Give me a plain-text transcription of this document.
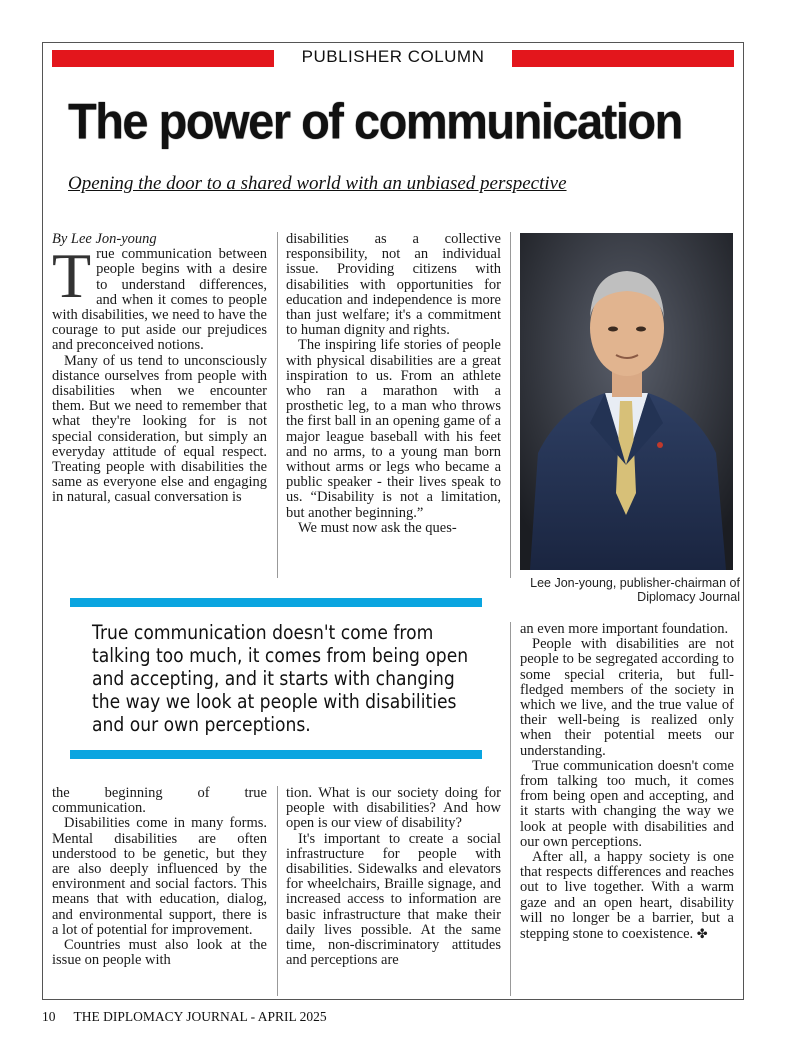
PUBLISHER COLUMN
The power of communication

Opening the door to a shared world with an unbiased perspective

By Lee Jon-young

True communication between people begins with a desire to understand differences, and when it comes to people with disabilities, we need to have the courage to put aside our prejudices and preconceived notions.

Many of us tend to unconsciously distance ourselves from people with disabilities when we encounter them. But we need to remember that what they're looking for is not special consideration, but simply an everyday attitude of equal respect. Treating people with disabilities the same as everyone else and engaging in natural, casual conversation is

disabilities as a collective responsibility, not an individual issue. Providing citizens with disabilities with opportunities for education and independence is more than just welfare; it's a commitment to human dignity and rights.

The inspiring life stories of people with physical disabilities are a great inspiration to us. From an athlete who ran a marathon with a prosthetic leg, to a man who throws the first ball in an opening game of a major league baseball with his feet and no arms, to a young man born without arms or legs who became a public speaker - their lives speak to us. “Disability is not a limitation, but another beginning.”

We must now ask the ques-

Lee Jon-young, publisher-chairman of Diplomacy Journal

True communication doesn't come from talking too much, it comes from being open and accepting, and it starts with changing the way we look at people with disabilities and our own perceptions.

an even more important foundation.

People with disabilities are not people to be segregated according to some special criteria, but full-fledged members of the society in which we live, and the true value of their well-being is realized only when their potential meets our understanding.

True communication doesn't come from talking too much, it comes from being open and accepting, and it starts with changing the way we look at people with disabilities and our own perceptions.

After all, a happy society is one that respects differences and reaches out to live together. With a warm gaze and an open heart, disability will no longer be a barrier, but a stepping stone to coexistence. ✤

the beginning of true communication.

Disabilities come in many forms. Mental disabilities are often understood to be genetic, but they are also deeply influenced by the environment and social factors. This means that with education, dialog, and environmental support, there is a lot of potential for improvement.

Countries must also look at the issue on people with

tion. What is our society doing for people with disabilities? And how open is our view of disability?

It's important to create a social infrastructure for people with disabilities. Sidewalks and elevators for wheelchairs, Braille signage, and increased access to information are basic infrastructure that make their daily lives possible. At the same time, non-discriminatory attitudes and perceptions are

10 THE DIPLOMACY JOURNAL - APRIL 2025
